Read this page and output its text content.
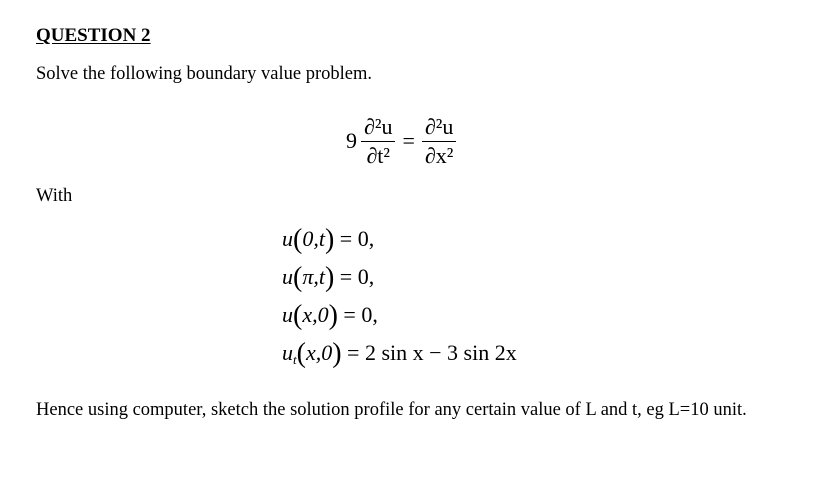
QUESTION 2
Solve the following boundary value problem.
$9 \frac{\text{∂²u}}{\text{∂t²}} = \frac{\text{∂²u}}{\text{∂x²}}$
With
u(0,t) = 0,
u(π,t) = 0,
u(x,0) = 0,
$u_t(x,0) = 2$ sin x − 3 sin 2x
Hence using computer, sketch the solution profile for any certain value of L and t, eg L=10 unit.
